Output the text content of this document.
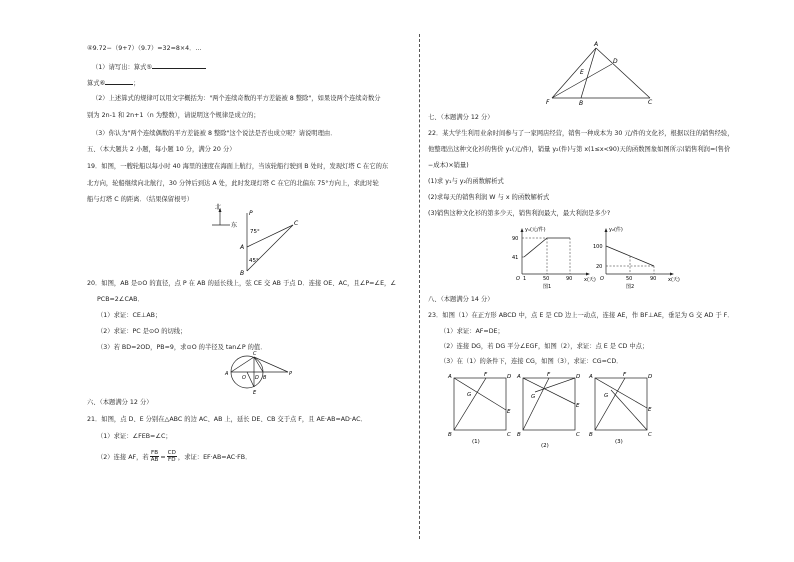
④9.72−（9+7）（9.7）=32=8×4．…
（1）请写出：算式⑤
算式⑥	；
（2）上述算式的规律可以用文字概括为："两个连续奇数的平方差能被 8 整除"，如果设两个连续奇数分
别为 2n-1 和 2n+1（n 为整数），请说明这个规律是成立的；
（3）你认为"两个连续偶数的平方差能被 8 整除"这个说法是否也成立呢？请说明理由．
五、（本大题共 2 小题，每小题 10 分，满分 20 分）
19．如图，一艘轮船以每小时 40 海里的速度在海面上航行，当该轮船行驶到 B 处时，发现灯塔 C 在它的东
北方向，轮船继续向北航行，30 分钟后到达 A 处，此时发现灯塔 C 在它的北偏东 75°方向上，求此时轮
船与灯塔 C 的距离．（结果保留根号）
北
东
P
A
B
C
75°
45°
20．如图，AB 是⊙O 的直径，点 P 在 AB 的延长线上，弦 CE 交 AB 于点 D．连接 OE、AC，且∠P=∠E，∠
PCB=2∠CAB．
（1）求证：CE⊥AB；
（2）求证：PC 是⊙O 的切线；
（3）若 BD=2OD，PB=9，求⊙O 的半径及 tan∠P 的值．
C
A
O D B
P
E
六、（本题满分 12 分）
21．如图，点 D、E 分别在△ABC 的边 AC、AB 上，延长 DE、CB 交于点 F，且 AE·AB=AD·AC．
（1）求证：∠FEB=∠C；
（2）连接 AF，若 $\frac{FB}{AB} = \frac{CD}{FD}$ ，求证：EF·AB=AC·FB．
A
D
E
F	B	C
七、（本题满分 12 分）
22．某大学生利用业余时间参与了一家网店经营，销售一种成本为 30 元/件的文化衫，根据以往的销售经验，
他整理出这种文化衫的售价 y₁(元/件)，销量 y₂(件)与第 x(1≤x<90)天的函数图象如图所示(销售利润=(售价
−成本)×销量)
(1)求 y₁与 y₂的函数解析式
(2)求每天的销售利润 W 与 x 的函数解析式
(3)销售这种文化衫的第多少天，销售利润最大，最大利润是多少?
y₁(元/件)
x(天)
O
90
41
1	50	90
图1
y₂(件)
x(天)
O
100
20
50	90
图2
八、（本题满分 14 分）
23．如图（1）在正方形 ABCD 中，点 E 是 CD 边上一动点，连接 AE，作 BF⊥AE，垂足为 G 交 AD 于 F．
（1）求证：AF=DE；
（2）连接 DG，若 DG 平分∠EGF，如图（2），求证：点 E 是 CD 中点；
（3）在（1）的条件下，连接 CG，如图（3），求证：CG=CD．
A	F	D
G
E
B	C
(1)
A	F	D
G
E
B	C
(2)
A	F	D
G
E
B	C
(3)
